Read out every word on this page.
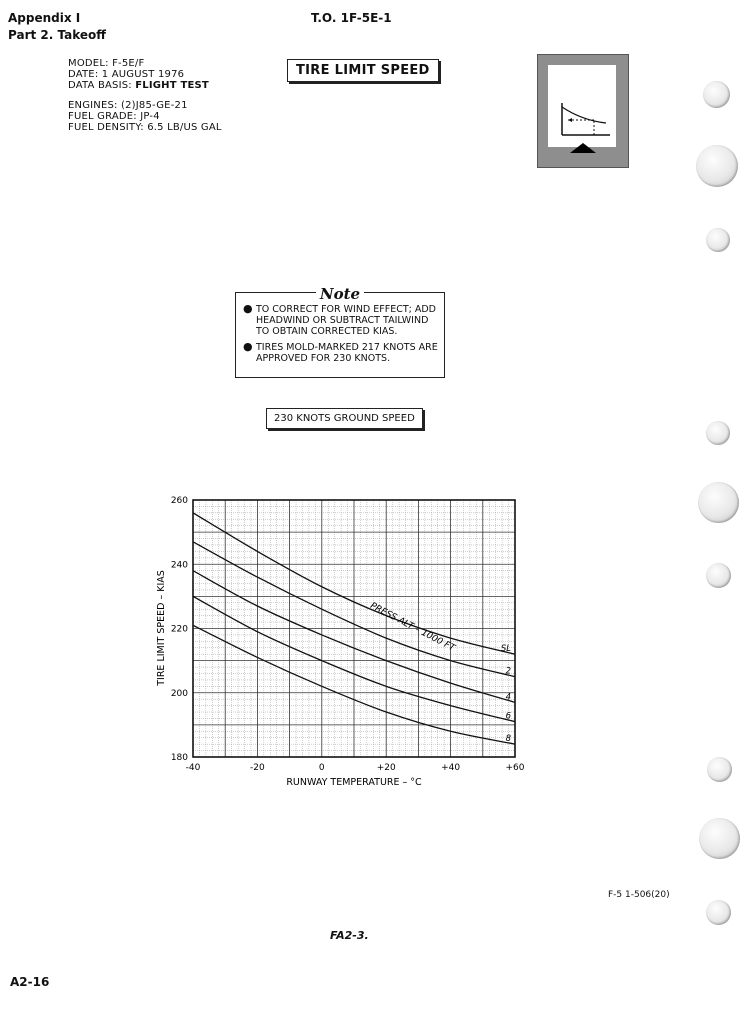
Appendix I
Part 2. Takeoff
T.O. 1F-5E-1
MODEL: F-5E/F
DATE: 1 AUGUST 1976
DATA BASIS: FLIGHT TEST
ENGINES: (2)J85-GE-21
FUEL GRADE: JP-4
FUEL DENSITY: 6.5 LB/US GAL
TIRE LIMIT SPEED
Note
● TO CORRECT FOR WIND EFFECT; ADD HEADWIND OR SUBTRACT TAILWIND TO OBTAIN CORRECTED KIAS.
● TIRES MOLD-MARKED 217 KNOTS ARE APPROVED FOR 230 KNOTS.
230 KNOTS GROUND SPEED
SL
2
4
6
8
-40	-20	0	+20	+40	+60
180
200
220
240
260
PRESS ALT – 1000 FT
RUNWAY TEMPERATURE – °C
TIRE LIMIT SPEED – KIAS
F-5 1-506(20)
FA2-3.
A2-16
